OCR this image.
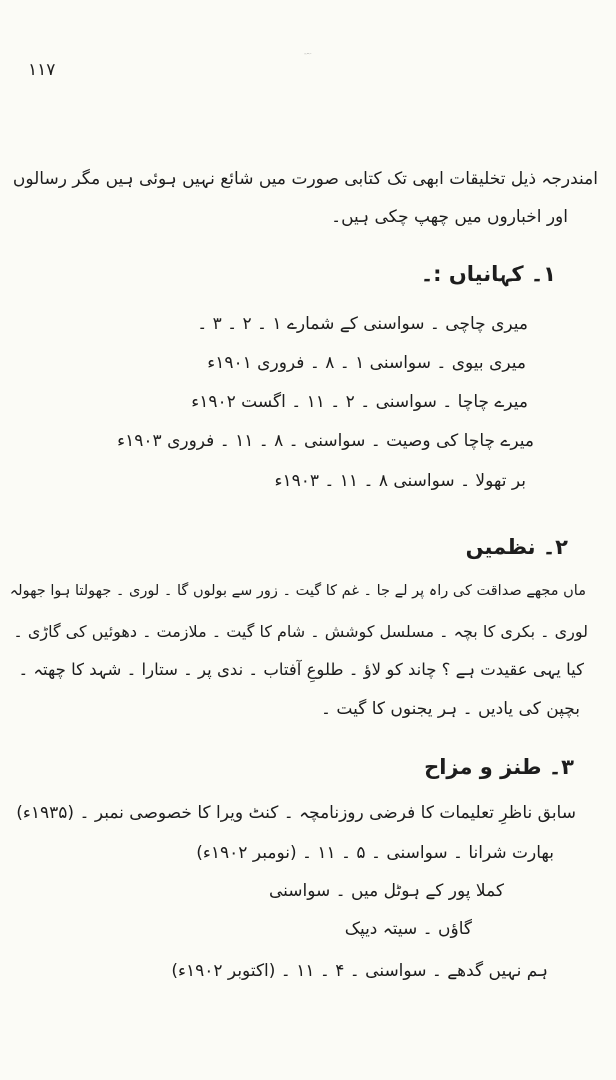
۱۱۷
پنجے منگیش راؤ
امندرجہ ذیل تخلیقات ابھی تک کتابی صورت میں شائع نہیں ہوئی ہیں مگر رسالوں
اور اخباروں میں چھپ چکی ہیں۔
۱۔ کہانیاں :۔
میری چاچی ۔ سواسنی کے شمارے ۱ ۔ ۲ ۔ ۳ ۔
میری بیوی ۔ سواسنی ۱ ۔ ۸ ۔ فروری ۱۹۰۱ء
میرے چاچا ۔ سواسنی ۔ ۲ ۔ ۱۱ ۔ اگست ۱۹۰۲ء
میرے چاچا کی وصیت ۔ سواسنی ۔ ۸ ۔ ۱۱ ۔ فروری ۱۹۰۳ء
بر تھولا ۔ سواسنی ۸ ۔ ۱۱ ۔ ۱۹۰۳ء
۲۔ نظمیں
ماں مجھے صداقت کی راہ پر لے جا ۔ غم کا گیت ۔ زور سے بولوں گا ۔ لوری ۔ جھولتا ہوا جھولہ
لوری ۔ بکری کا بچہ ۔ مسلسل کوشش ۔ شام کا گیت ۔ ملازمت ۔ دھوئیں کی گاڑی ۔
کیا یہی عقیدت ہے ؟ چاند کو لاؤ ۔ طلوعِ آفتاب ۔ ندی پر ۔ ستارا ۔ شہد کا چھتہ ۔
بچپن کی یادیں ۔ ہر یجنوں کا گیت ۔
۳۔ طنز و مزاح
سابق ناظرِ تعلیمات کا فرضی روزنامچہ ۔ کنٹ ویرا کا خصوصی نمبر ۔ (۱۹۳۵ء)
بھارت شرانا ۔ سواسنی ۔ ۵ ۔ ۱۱ ۔ (نومبر ۱۹۰۲ء)
کملا پور کے ہوٹل میں ۔ سواسنی
گاؤں ۔ سیتہ دیپک
ہم نہیں گدھے ۔ سواسنی ۔ ۴ ۔ ۱۱ ۔ (اکتوبر ۱۹۰۲ء)
